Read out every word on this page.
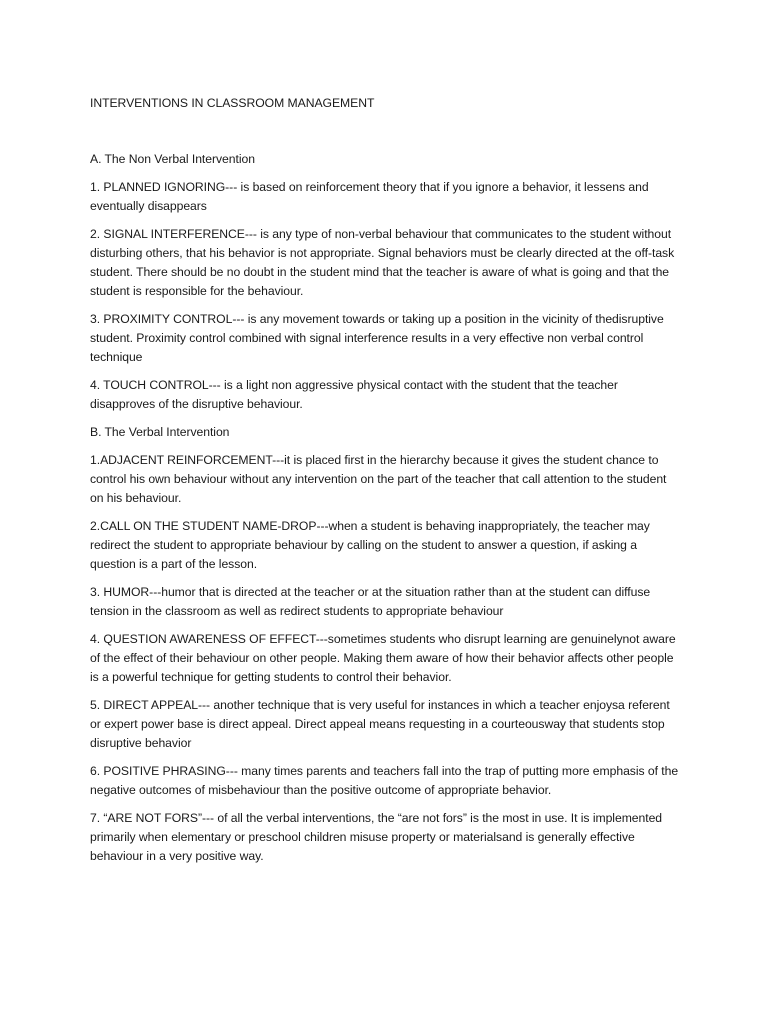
INTERVENTIONS IN CLASSROOM MANAGEMENT
A. The Non Verbal Intervention

1. PLANNED IGNORING--- is based on reinforcement theory that if you ignore a behavior, it lessens and eventually disappears

2. SIGNAL INTERFERENCE--- is any type of non-verbal behaviour that communicates to the student without disturbing others, that his behavior is not appropriate. Signal behaviors must be clearly directed at the off-task student. There should be no doubt in the student mind that the teacher is aware of what is going and that the student is responsible for the behaviour.

3. PROXIMITY CONTROL--- is any movement towards or taking up a position in the vicinity of thedisruptive student. Proximity control combined with signal interference results in a very effective non verbal control technique

4. TOUCH CONTROL--- is a light non aggressive physical contact with the student that the teacher disapproves of the disruptive behaviour.

B. The Verbal Intervention

1.ADJACENT REINFORCEMENT---it is placed first in the hierarchy because it gives the student chance to control his own behaviour without any intervention on the part of the teacher that call attention to the student on his behaviour.

2.CALL ON THE STUDENT NAME-DROP---when a student is behaving inappropriately, the teacher may redirect the student to appropriate behaviour by calling on the student to answer a question, if asking a question is a part of the lesson.

3. HUMOR---humor that is directed at the teacher or at the situation rather than at the student can diffuse tension in the classroom as well as redirect students to appropriate behaviour

4. QUESTION AWARENESS OF EFFECT---sometimes students who disrupt learning are genuinelynot aware of the effect of their behaviour on other people. Making them aware of how their behavior affects other people is a powerful technique for getting students to control their behavior.

5. DIRECT APPEAL--- another technique that is very useful for instances in which a teacher enjoysa referent or expert power base is direct appeal. Direct appeal means requesting in a courteousway that students stop disruptive behavior

6. POSITIVE PHRASING--- many times parents and teachers fall into the trap of putting more emphasis of the negative outcomes of misbehaviour than the positive outcome of appropriate behavior.

7. “ARE NOT FORS”--- of all the verbal interventions, the “are not fors” is the most in use. It is implemented primarily when elementary or preschool children misuse property or materialsand is generally effective behaviour in a very positive way.
